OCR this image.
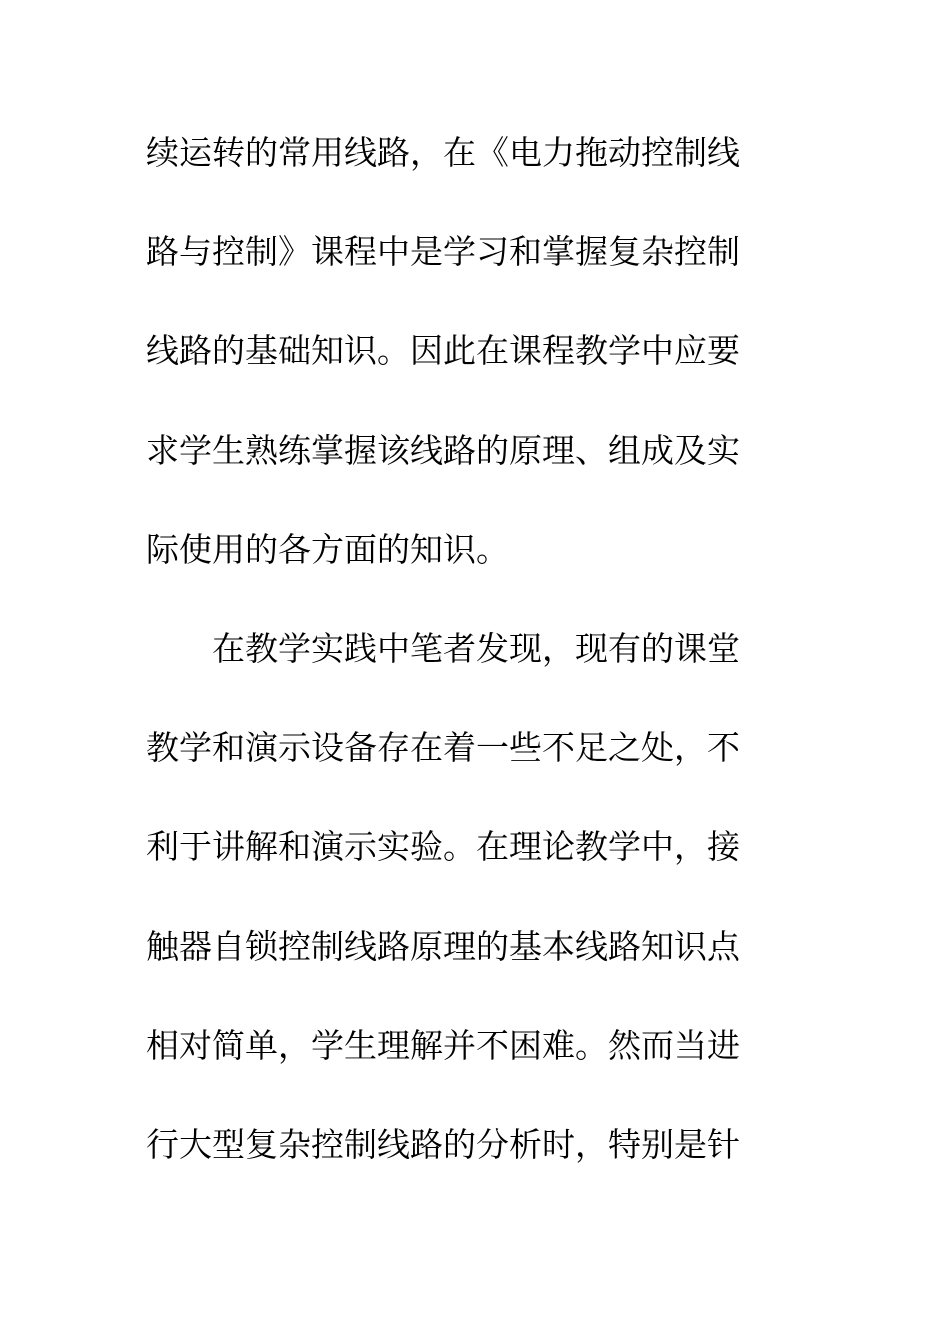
续运转的常用线路，在《电力拖动控制线
路与控制》课程中是学习和掌握复杂控制
线路的基础知识。因此在课程教学中应要
求学生熟练掌握该线路的原理、组成及实
际使用的各方面的知识。
在教学实践中笔者发现，现有的课堂
教学和演示设备存在着一些不足之处，不
利于讲解和演示实验。在理论教学中，接
触器自锁控制线路原理的基本线路知识点
相对简单，学生理解并不困难。然而当进
行大型复杂控制线路的分析时，特别是针
